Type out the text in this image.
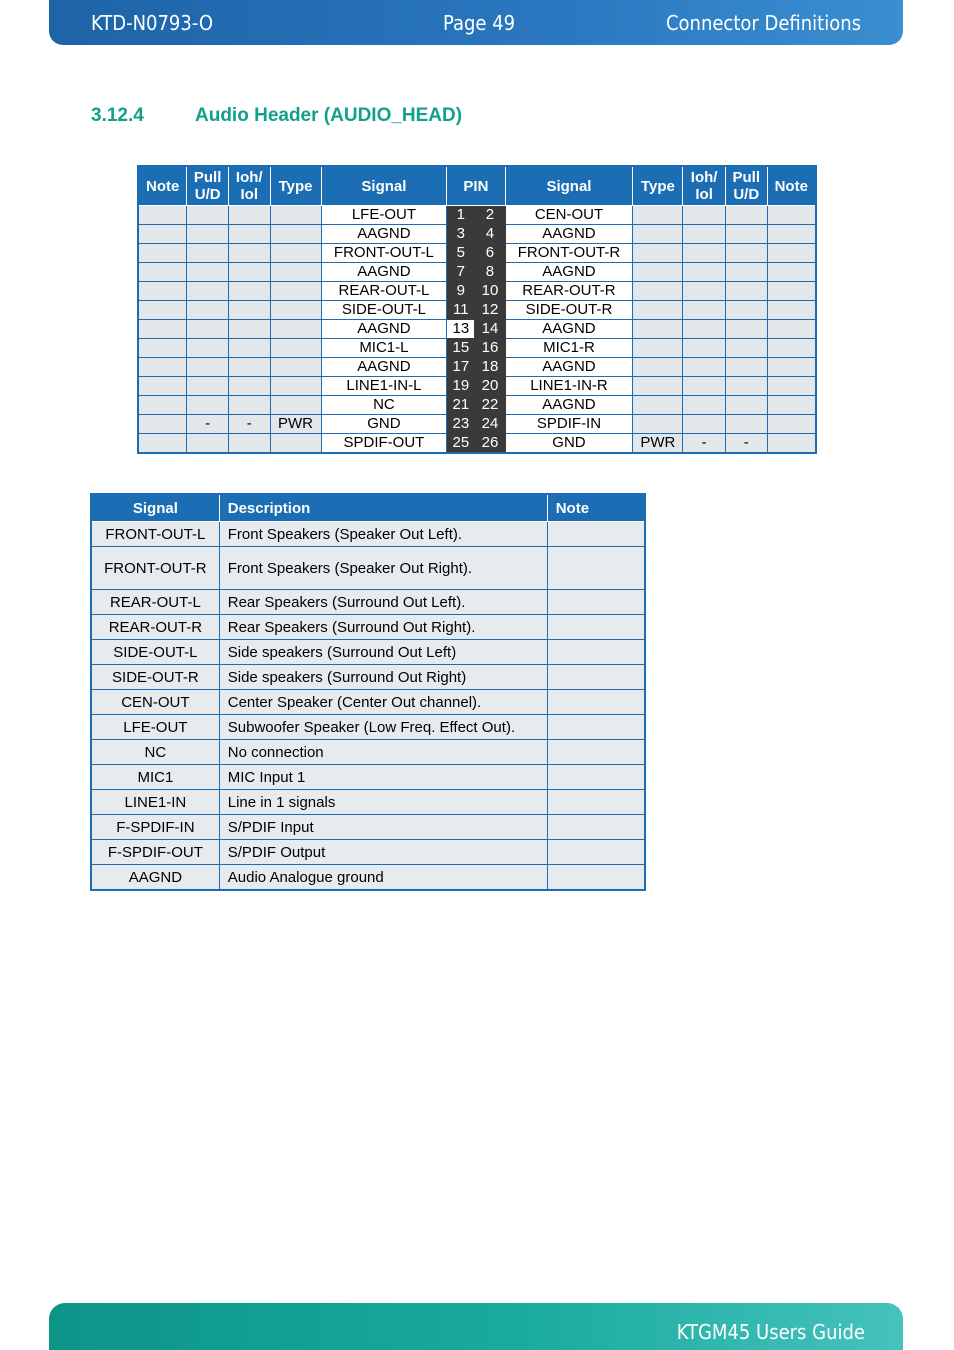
KTD-N0793-O	Page 49	Connector Definitions
3.12.4	Audio Header (AUDIO_HEAD)
Note	Pull U/D	Ioh/ Iol	Type	Signal	PIN		Signal	Type	Ioh/ Iol	Pull U/D	Note
				LFE-OUT	1	2	CEN-OUT				
				AAGND	3	4	AAGND				
				FRONT-OUT-L	5	6	FRONT-OUT-R				
				AAGND	7	8	AAGND				
				REAR-OUT-L	9	10	REAR-OUT-R				
				SIDE-OUT-L	11	12	SIDE-OUT-R				
				AAGND	13	14	AAGND				
				MIC1-L	15	16	MIC1-R				
				AAGND	17	18	AAGND				
				LINE1-IN-L	19	20	LINE1-IN-R				
				NC	21	22	AAGND				
	-	-	PWR	GND	23	24	SPDIF-IN				
				SPDIF-OUT	25	26	GND	PWR	-	-	
Signal	Description	Note
FRONT-OUT-L	Front Speakers (Speaker Out Left).	
FRONT-OUT-R	Front Speakers (Speaker Out Right).	
REAR-OUT-L	Rear Speakers (Surround Out Left).	
REAR-OUT-R	Rear Speakers (Surround Out Right).	
SIDE-OUT-L	Side speakers (Surround Out Left)	
SIDE-OUT-R	Side speakers (Surround Out Right)	
CEN-OUT	Center Speaker (Center Out channel).	
LFE-OUT	Subwoofer Speaker (Low Freq. Effect Out).	
NC	No connection	
MIC1	MIC Input 1	
LINE1-IN	Line in 1 signals	
F-SPDIF-IN	S/PDIF Input	
F-SPDIF-OUT	S/PDIF Output	
AAGND	Audio Analogue ground	
KTGM45 Users Guide
